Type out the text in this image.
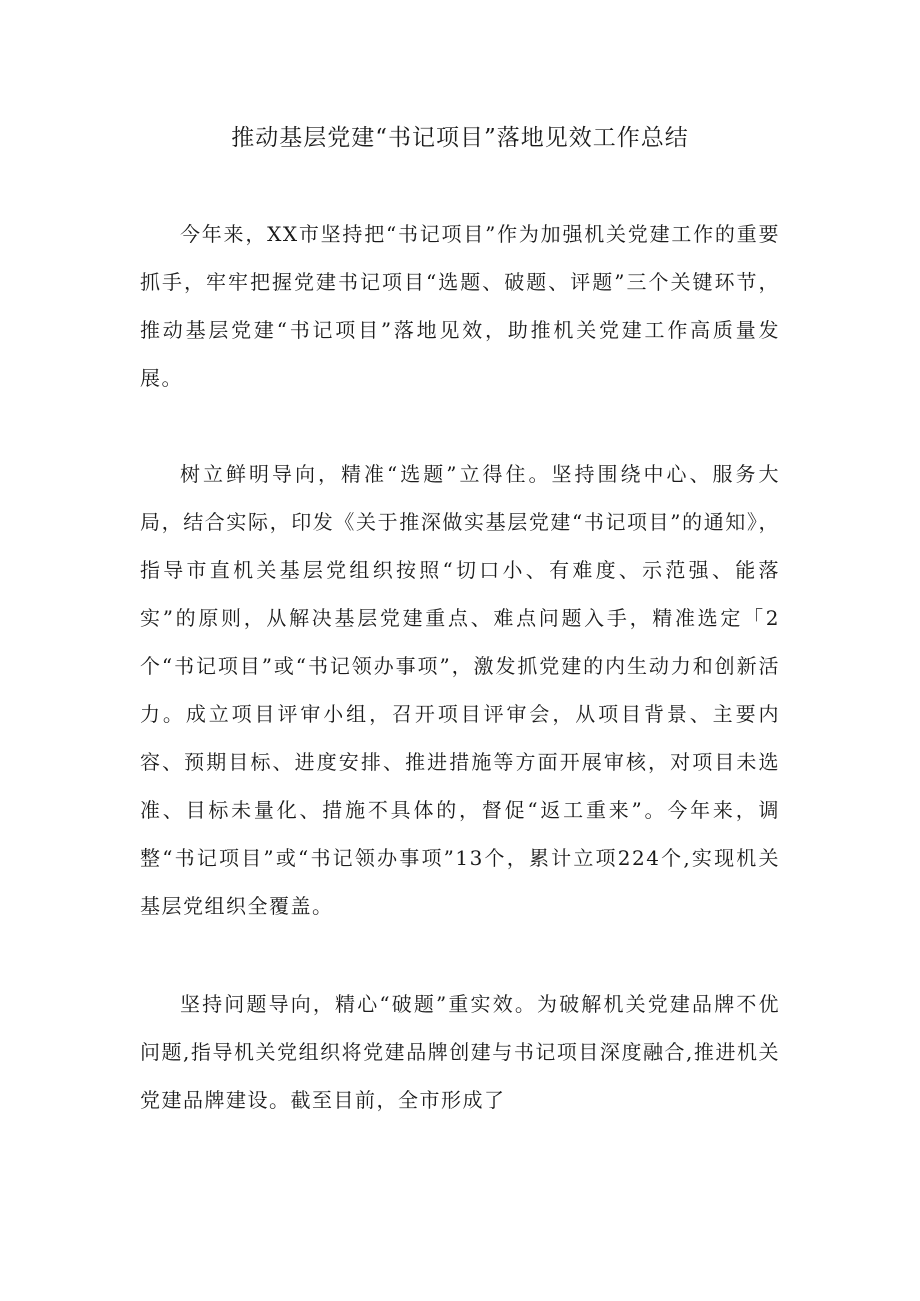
推动基层党建“书记项目”落地见效工作总结

今年来，XX市坚持把“书记项目”作为加强机关党建工作的重要抓手，牢牢把握党建书记项目“选题、破题、评题”三个关键环节，推动基层党建“书记项目”落地见效，助推机关党建工作高质量发展。

树立鲜明导向，精准“选题”立得住。坚持围绕中心、服务大局，结合实际，印发《关于推深做实基层党建“书记项目”的通知》，指导市直机关基层党组织按照“切口小、有难度、示范强、能落实”的原则，从解决基层党建重点、难点问题入手，精准选定「2个“书记项目”或“书记领办事项”，激发抓党建的内生动力和创新活力。成立项目评审小组，召开项目评审会，从项目背景、主要内容、预期目标、进度安排、推进措施等方面开展审核，对项目未选准、目标未量化、措施不具体的，督促“返工重来”。今年来，调整“书记项目”或“书记领办事项”13个，累计立项224个,实现机关基层党组织全覆盖。

坚持问题导向，精心“破题”重实效。为破解机关党建品牌不优问题,指导机关党组织将党建品牌创建与书记项目深度融合,推进机关党建品牌建设。截至目前，全市形成了
